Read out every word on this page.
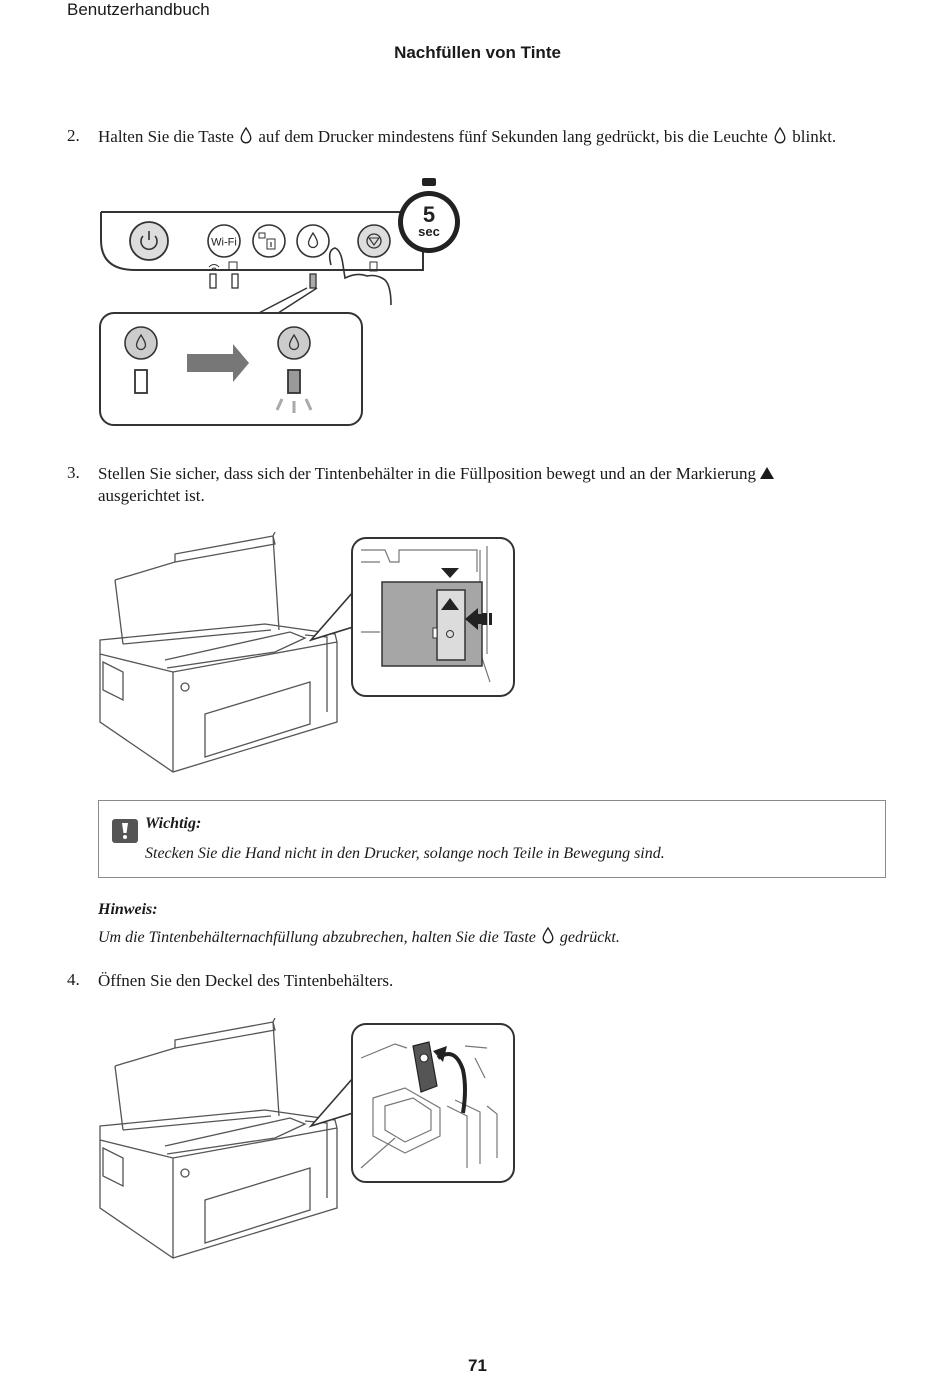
Benutzerhandbuch
Nachfüllen von Tinte
2. Halten Sie die Taste  auf dem Drucker mindestens fünf Sekunden lang gedrückt, bis die Leuchte  blinkt.
Wi-Fi
5
sec
3. Stellen Sie sicher, dass sich der Tintenbehälter in die Füllposition bewegt und an der Markierung
ausgerichtet ist.
Wichtig:
Stecken Sie die Hand nicht in den Drucker, solange noch Teile in Bewegung sind.
Hinweis:
Um die Tintenbehälternachfüllung abzubrechen, halten Sie die Taste  gedrückt.
4. Öffnen Sie den Deckel des Tintenbehälters.
71
